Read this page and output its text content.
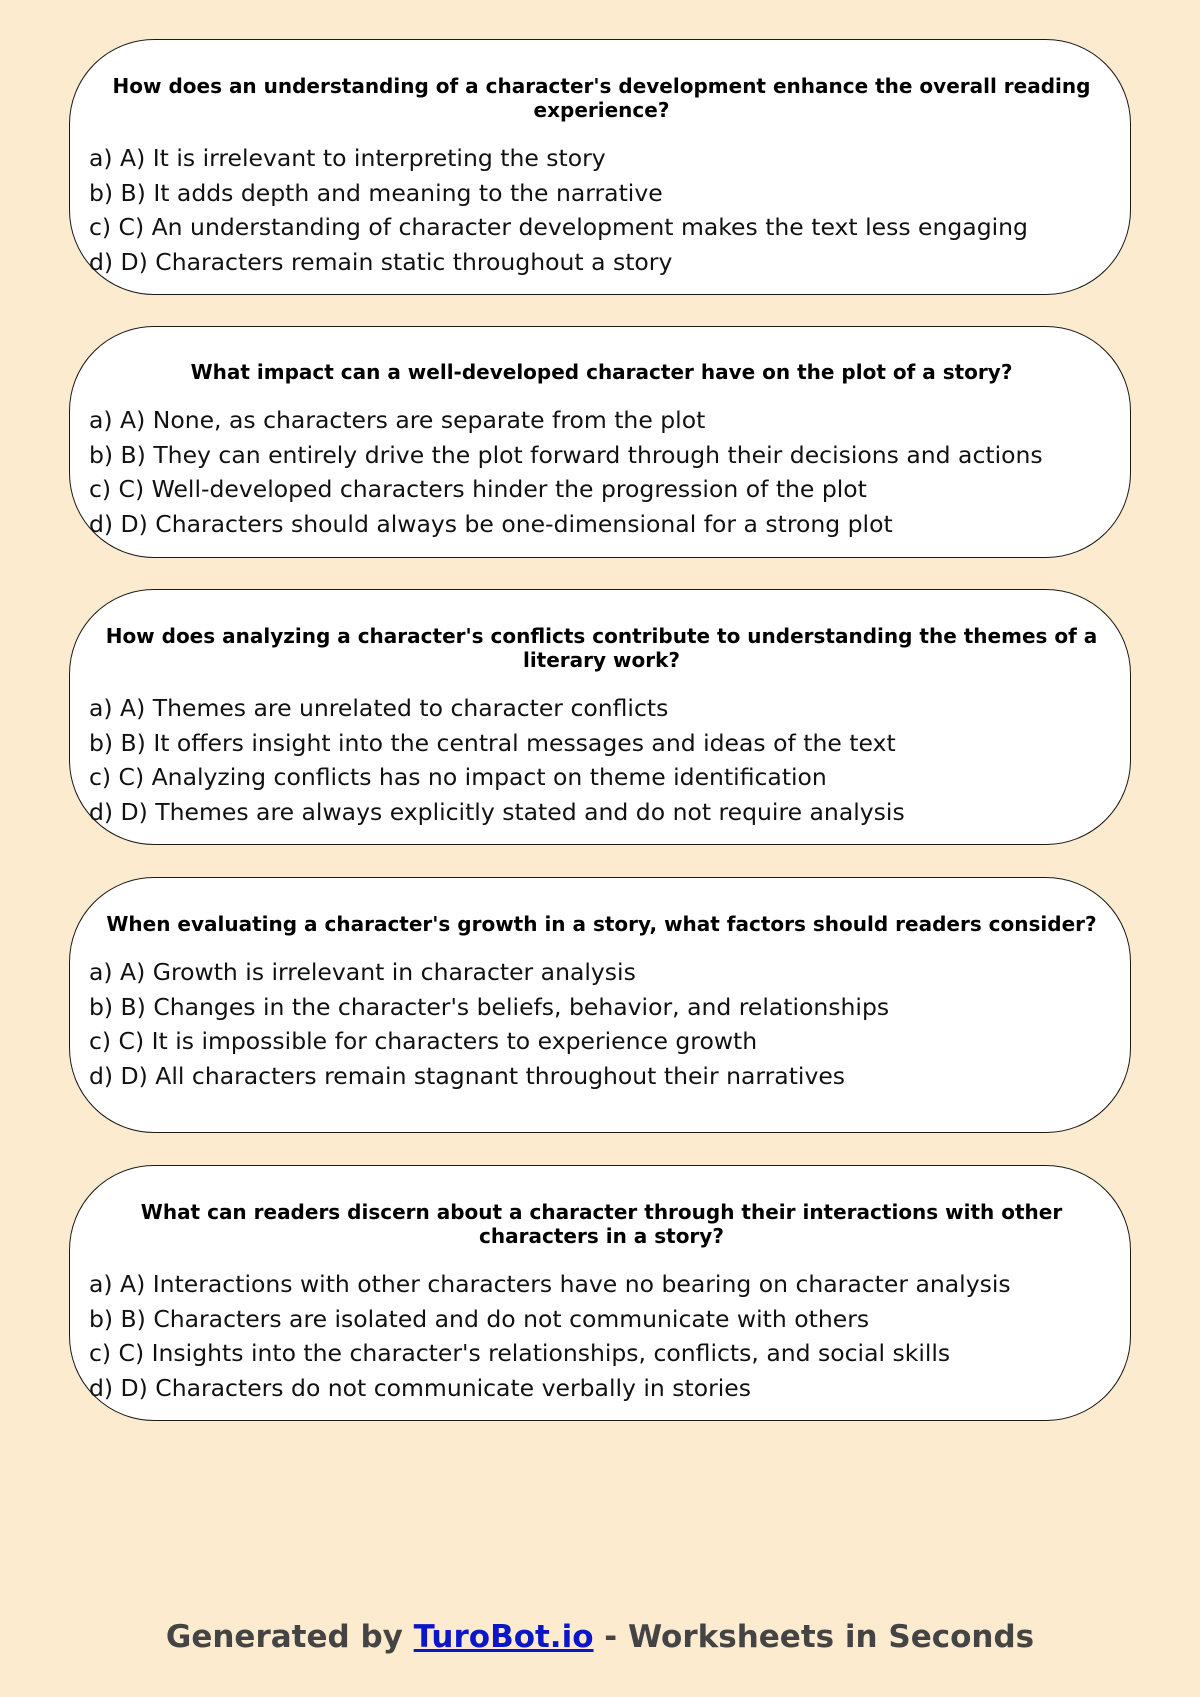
How does an understanding of a character's development enhance the overall reading experience?

a) A) It is irrelevant to interpreting the story
b) B) It adds depth and meaning to the narrative
c) C) An understanding of character development makes the text less engaging
d) D) Characters remain static throughout a story

What impact can a well-developed character have on the plot of a story?

a) A) None, as characters are separate from the plot
b) B) They can entirely drive the plot forward through their decisions and actions
c) C) Well-developed characters hinder the progression of the plot
d) D) Characters should always be one-dimensional for a strong plot

How does analyzing a character's conflicts contribute to understanding the themes of a literary work?

a) A) Themes are unrelated to character conflicts
b) B) It offers insight into the central messages and ideas of the text
c) C) Analyzing conflicts has no impact on theme identification
d) D) Themes are always explicitly stated and do not require analysis

When evaluating a character's growth in a story, what factors should readers consider?

a) A) Growth is irrelevant in character analysis
b) B) Changes in the character's beliefs, behavior, and relationships
c) C) It is impossible for characters to experience growth
d) D) All characters remain stagnant throughout their narratives

What can readers discern about a character through their interactions with other characters in a story?

a) A) Interactions with other characters have no bearing on character analysis
b) B) Characters are isolated and do not communicate with others
c) C) Insights into the character's relationships, conflicts, and social skills
d) D) Characters do not communicate verbally in stories
Generated by TuroBot.io - Worksheets in Seconds
